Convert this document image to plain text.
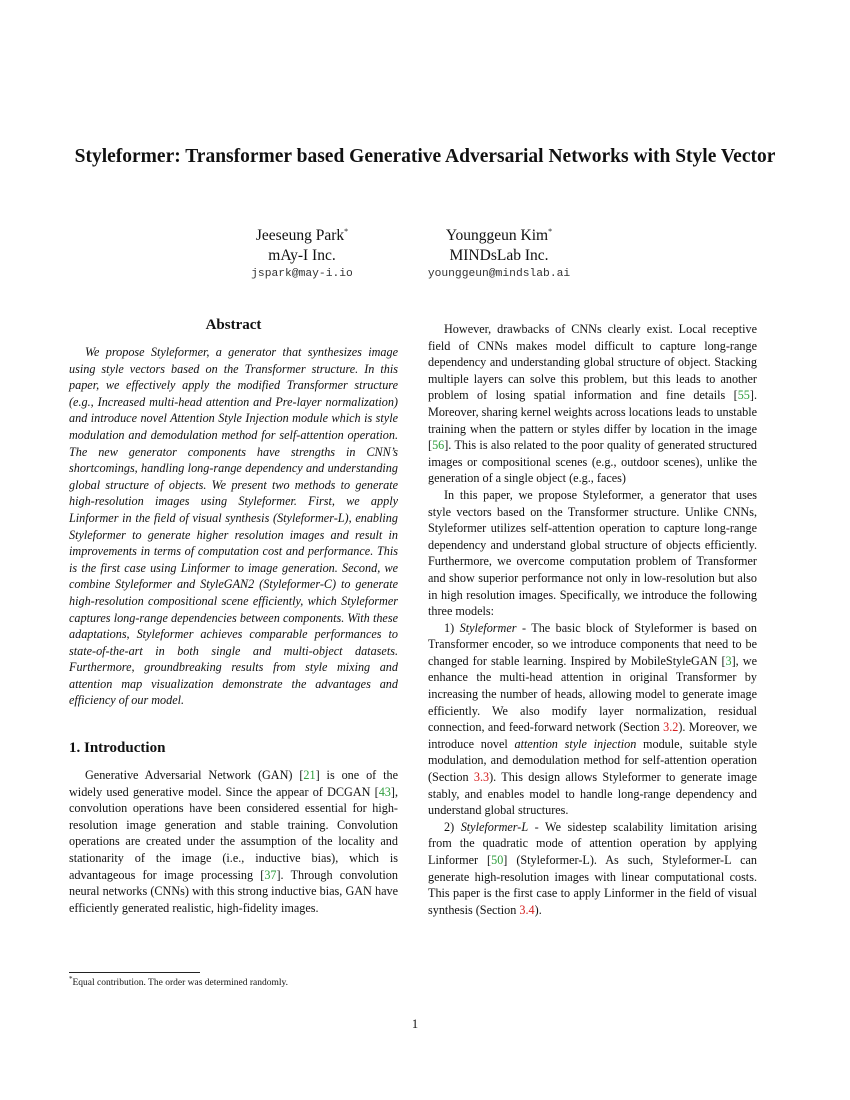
Styleformer: Transformer based Generative Adversarial Networks with Style Vector
Jeeseung Park*
mAy-I Inc.
jspark@may-i.io
Younggeun Kim*
MINDsLab Inc.
younggeun@mindslab.ai
Abstract

We propose Styleformer, a generator that synthesizes image using style vectors based on the Transformer structure. In this paper, we effectively apply the modified Transformer structure (e.g., Increased multi-head attention and Pre-layer normalization) and introduce novel Attention Style Injection module which is style modulation and demodulation method for self-attention operation. The new generator components have strengths in CNN’s shortcomings, handling long-range dependency and understanding global structure of objects. We present two methods to generate high-resolution images using Styleformer. First, we apply Linformer in the field of visual synthesis (Styleformer-L), enabling Styleformer to generate higher resolution images and result in improvements in terms of computation cost and performance. This is the first case using Linformer to image generation. Second, we combine Styleformer and StyleGAN2 (Styleformer-C) to generate high-resolution compositional scene efficiently, which Styleformer captures long-range dependencies between components. With these adaptations, Styleformer achieves comparable performances to state-of-the-art in both single and multi-object datasets. Furthermore, groundbreaking results from style mixing and attention map visualization demonstrate the advantages and efficiency of our model.

1. Introduction

Generative Adversarial Network (GAN) [21] is one of the widely used generative model. Since the appear of DCGAN [43], convolution operations have been considered essential for high-resolution image generation and stable training. Convolution operations are created under the assumption of the locality and stationarity of the image (i.e., inductive bias), which is advantageous for image processing [37]. Through convolution neural networks (CNNs) with this strong inductive bias, GAN have efficiently generated realistic, high-fidelity images.

However, drawbacks of CNNs clearly exist. Local receptive field of CNNs makes model difficult to capture long-range dependency and understanding global structure of object. Stacking multiple layers can solve this problem, but this leads to another problem of losing spatial information and fine details [55]. Moreover, sharing kernel weights across locations leads to unstable training when the pattern or styles differ by location in the image [56]. This is also related to the poor quality of generated structured images or compositional scenes (e.g., outdoor scenes), unlike the generation of a single object (e.g., faces)

In this paper, we propose Styleformer, a generator that uses style vectors based on the Transformer structure. Unlike CNNs, Styleformer utilizes self-attention operation to capture long-range dependency and understand global structure of objects efficiently. Furthermore, we overcome computation problem of Transformer and show superior performance not only in low-resolution but also in high resolution images. Specifically, we introduce the following three models:

1) Styleformer - The basic block of Styleformer is based on Transformer encoder, so we introduce components that need to be changed for stable learning. Inspired by MobileStyleGAN [3], we enhance the multi-head attention in original Transformer by increasing the number of heads, allowing model to generate image efficiently. We also modify layer normalization, residual connection, and feed-forward network (Section 3.2). Moreover, we introduce novel attention style injection module, suitable style modulation, and demodulation method for self-attention operation (Section 3.3). This design allows Styleformer to generate image stably, and enables model to handle long-range dependency and understand global structures.

2) Styleformer-L - We sidestep scalability limitation arising from the quadratic mode of attention operation by applying Linformer [50] (Styleformer-L). As such, Styleformer-L can generate high-resolution images with linear computational costs. This paper is the first case to apply Linformer in the field of visual synthesis (Section 3.4).

*Equal contribution. The order was determined randomly.
1
